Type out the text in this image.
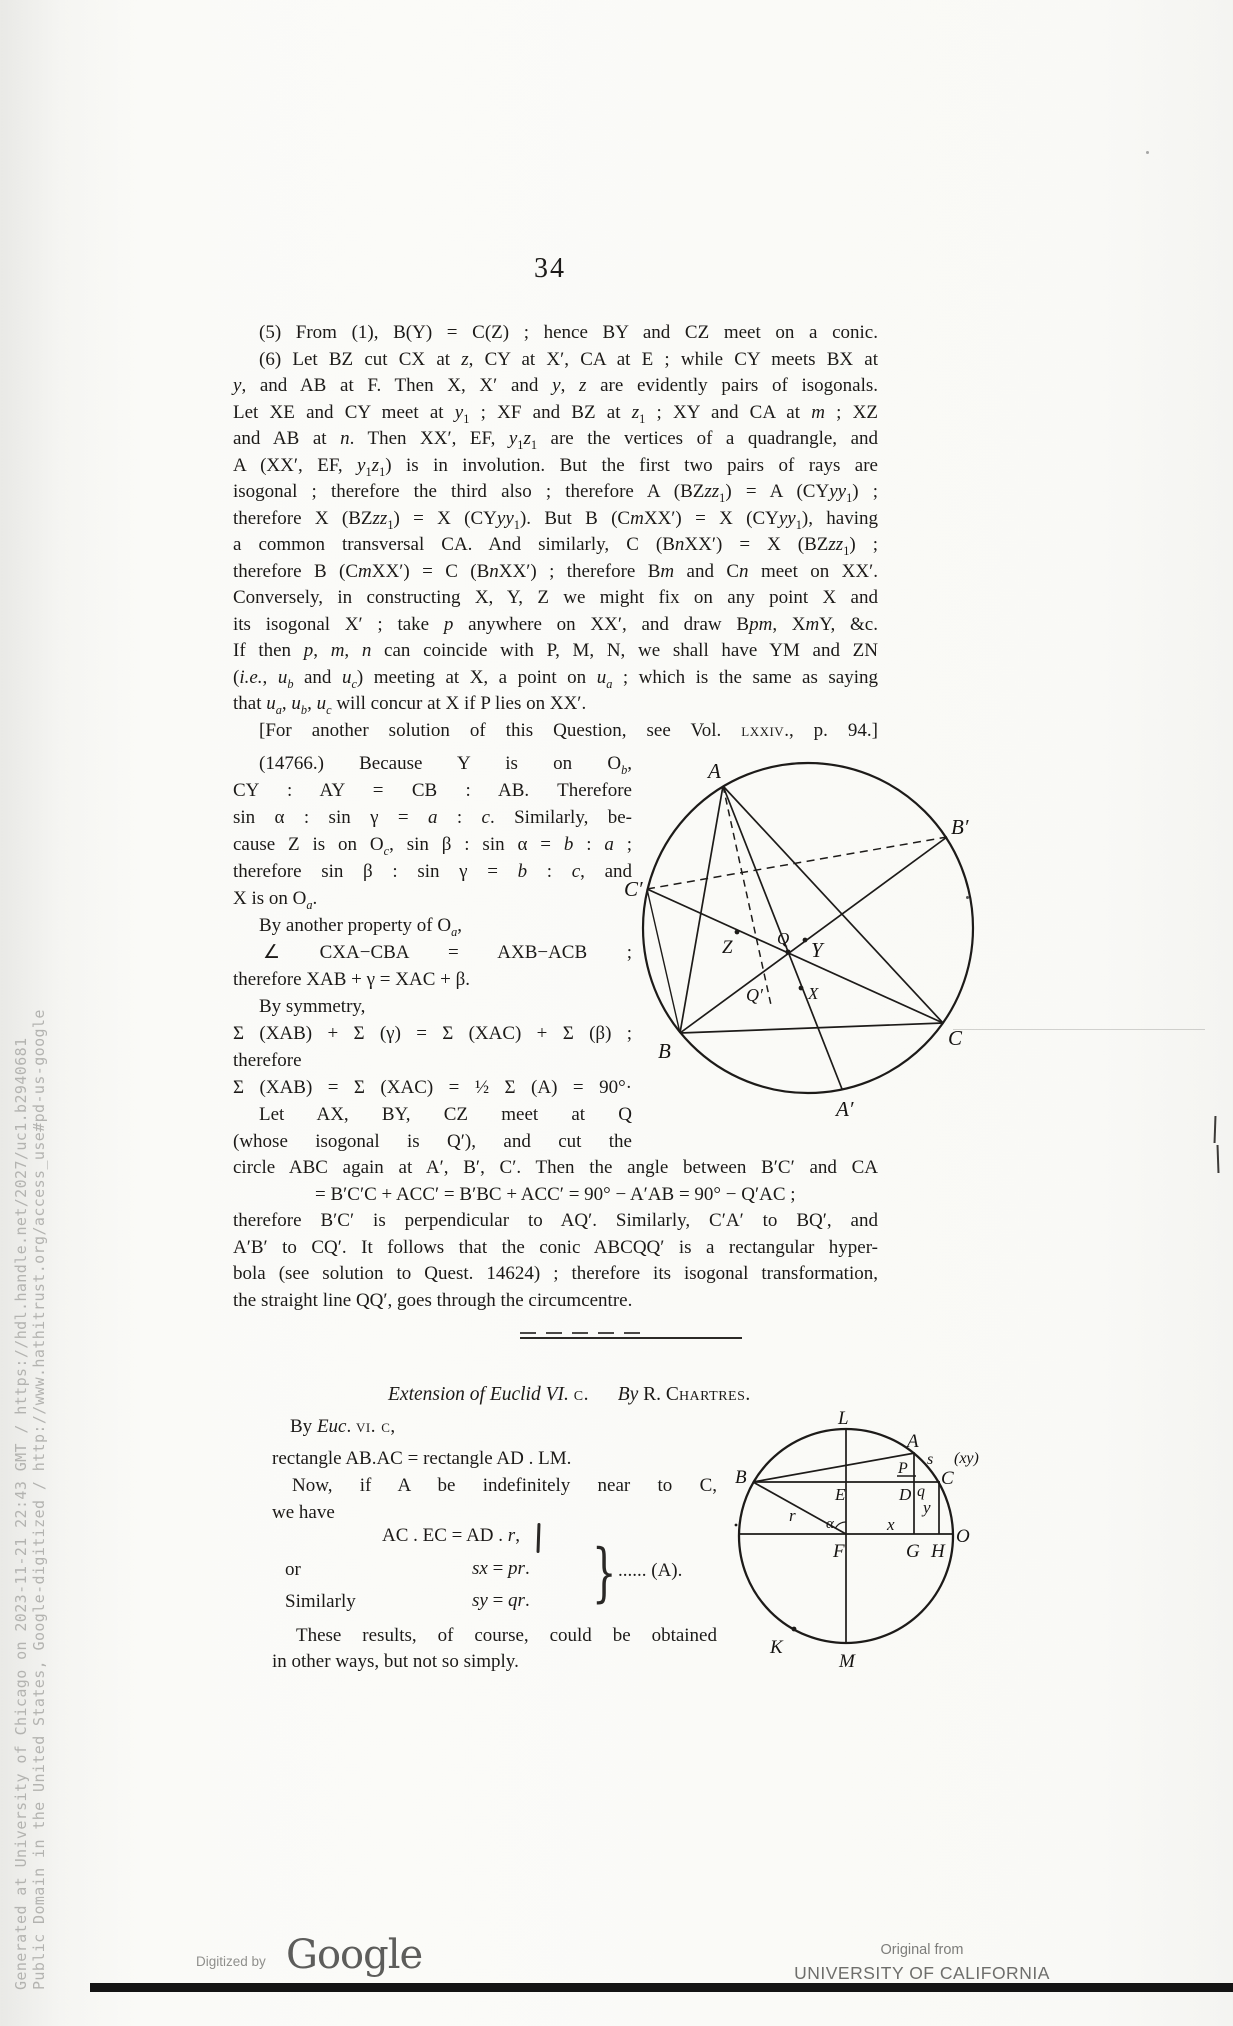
Generated at University of Chicago on 2023-11-21 22:43 GMT / https://hdl.handle.net/2027/uc1.b2940681 Public Domain in the United States, Google-digitized / http://www.hathitrust.org/access_use#pd-us-google
34
(5) From (1), B(Y) = C(Z) ; hence BY and CZ meet on a conic.
(6) Let BZ cut CX at z, CY at X′, CA at E ; while CY meets BX at
y, and AB at F. Then X, X′ and y, z are evidently pairs of isogonals.
Let XE and CY meet at $y_1$ ; XF and BZ at $z_1$ ; XY and CA at m ; XZ
and AB at n. Then XX′, EF, $y_1z_1$ are the vertices of a quadrangle, and
A (XX′, EF, $y_1z_1$) is in involution. But the first two pairs of rays are
isogonal ; therefore the third also ; therefore A (BZzz$_1$) = A (CYyy$_1$) ;
therefore X (BZzz$_1$) = X (CYyy$_1$). But B (CmXX′) = X (CYyy$_1$), having
a common transversal CA. And similarly, C (BnXX′) = X (BZzz$_1$) ;
therefore B (CmXX′) = C (BnXX′) ; therefore Bm and Cn meet on XX′.
Conversely, in constructing X, Y, Z we might fix on any point X and
its isogonal X′ ; take p anywhere on XX′, and draw Bpm, XmY, &c.
If then p, m, n can coincide with P, M, N, we shall have YM and ZN
(i.e., $u_b$ and $u_c$) meeting at X, a point on $u_a$ ; which is the same as saying
that $u_a$, $u_b$, $u_c$ will concur at X if P lies on XX′.
[For another solution of this Question, see Vol. lxxiv., p. 94.]
(14766.) Because Y is on $O_b$,
CY : AY = CB : AB. Therefore
sin α : sin γ = a : c. Similarly, be-
cause Z is on $O_c$, sin β : sin α = b : a ;
therefore sin β : sin γ = b : c, and
X is on $O_a$.
By another property of $O_a$,
∠ CXA−CBA = AXB−ACB ;
therefore XAB + γ = XAC + β.
By symmetry,
Σ (XAB) + Σ (γ) = Σ (XAC) + Σ (β) ;
therefore
Σ (XAB) = Σ (XAC) = ½ Σ (A) = 90°·
Let AX, BY, CZ meet at Q
(whose isogonal is Q′), and cut the
circle ABC again at A′, B′, C′. Then the angle between B′C′ and CA
= B′C′C + ACC′ = B′BC + ACC′ = 90° − A′AB = 90° − Q′AC ;
therefore B′C′ is perpendicular to AQ′. Similarly, C′A′ to BQ′, and
A′B′ to CQ′. It follows that the conic ABCQQ′ is a rectangular hyper-
bola (see solution to Quest. 14624) ; therefore its isogonal transformation,
the straight line QQ′, goes through the circumcentre.
A
B′
C′
B
C
A′
Z	Q Y
Q′	X
Extension of Euclid VI. c.  By R. Chartres.
By Euc. vi. c,
rectangle AB.AC = rectangle AD . LM.
Now, if A be indefinitely near to C,
we have
AC . EC = AD . r,
or	sx = pr.
Similarly	sy = qr. } ...... (A).
These results, of course, could be obtained
in other ways, but not so simply.
L
M
B
A
C
O
F
E	D
P
G H
K
s (xy)
q
y
x
r α
Digitized by Google	Original from
UNIVERSITY OF CALIFORNIA
